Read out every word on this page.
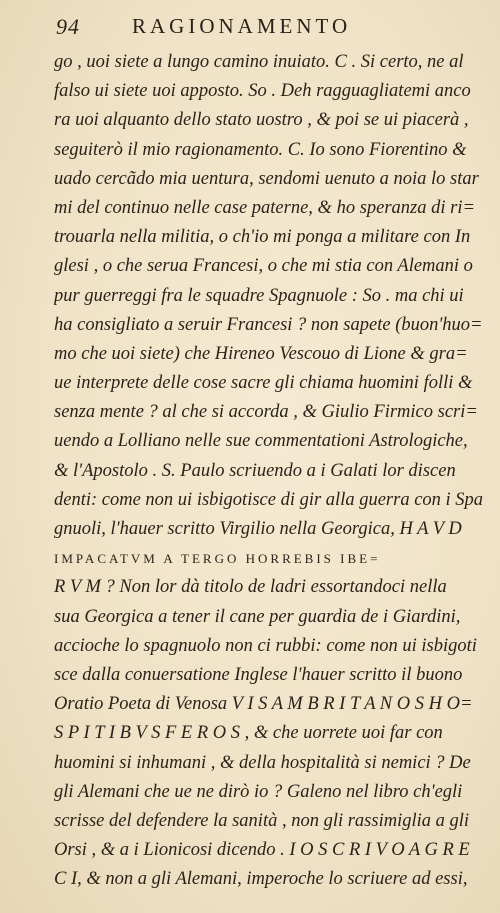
94 RAGIONAMENTO
go , uoi siete a lungo camino inuiato. C . Si certo, ne al
falso ui siete uoi apposto. So . Deh ragguagliatemi anco
ra uoi alquanto dello stato uostro , & poi se ui piacerà ,
seguiterò il mio ragionamento. C. Io sono Fiorentino &
uado cercãdo mia uentura, sendomi uenuto a noia lo star
mi del continuo nelle case paterne, & ho speranza di ri=
trouarla nella militia, o ch'io mi ponga a militare con In
glesi , o che serua Francesi, o che mi stia con Alemani o
pur guerreggi fra le squadre Spagnuole : So . ma chi ui
ha consigliato a seruir Francesi ? non sapete (buon'huo=
mo che uoi siete) che Hireneo Vescouo di Lione & gra=
ue interprete delle cose sacre gli chiama huomini folli &
senza mente ? al che si accorda , & Giulio Firmico scri=
uendo a Lolliano nelle sue commentationi Astrologiche,
& l'Apostolo . S. Paulo scriuendo a i Galati lor discen
denti: come non ui isbigotisce di gir alla guerra con i Spa
gnuoli, l'hauer scritto Virgilio nella Georgica, H A V D
IMPACATVM A TERGO HORREBIS IBE=
R V M ? Non lor dà titolo de ladri essortandoci nella
sua Georgica a tener il cane per guardia de i Giardini,
accioche lo spagnuolo non ci rubbi: come non ui isbigoti
sce dalla conuersatione Inglese l'hauer scritto il buono
Oratio Poeta di Venosa V I S A M B R I T A N O S H O=
S P I T I B V S F E R O S , & che uorrete uoi far con
huomini si inhumani , & della hospitalità si nemici ? De
gli Alemani che ue ne dirò io ? Galeno nel libro ch'egli
scrisse del defendere la sanità , non gli rassimiglia a gli
Orsi , & a i Lionicosi dicendo . I O S C R I V O A G R E
C I, & non a gli Alemani, imperoche lo scriuere ad essi,
